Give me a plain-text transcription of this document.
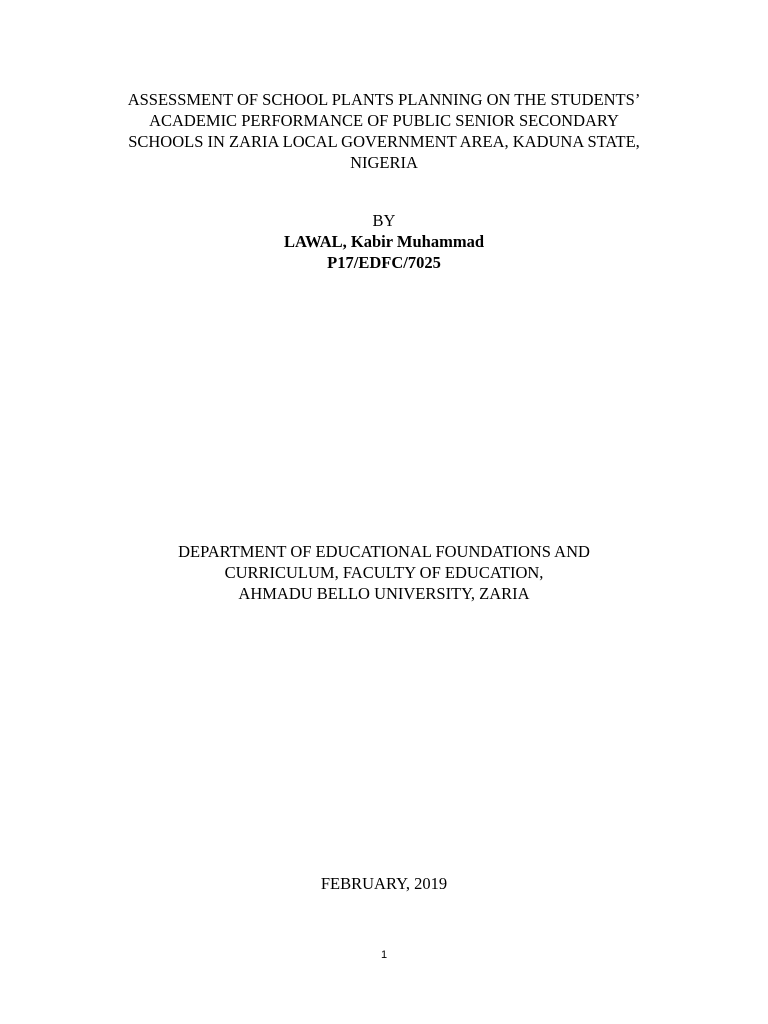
ASSESSMENT OF SCHOOL PLANTS PLANNING ON THE STUDENTS’
ACADEMIC PERFORMANCE OF PUBLIC SENIOR SECONDARY
SCHOOLS IN ZARIA LOCAL GOVERNMENT AREA, KADUNA STATE,
NIGERIA
BY
LAWAL, Kabir Muhammad
P17/EDFC/7025
DEPARTMENT OF EDUCATIONAL FOUNDATIONS AND
CURRICULUM, FACULTY OF EDUCATION,
AHMADU BELLO UNIVERSITY, ZARIA
FEBRUARY, 2019
1
